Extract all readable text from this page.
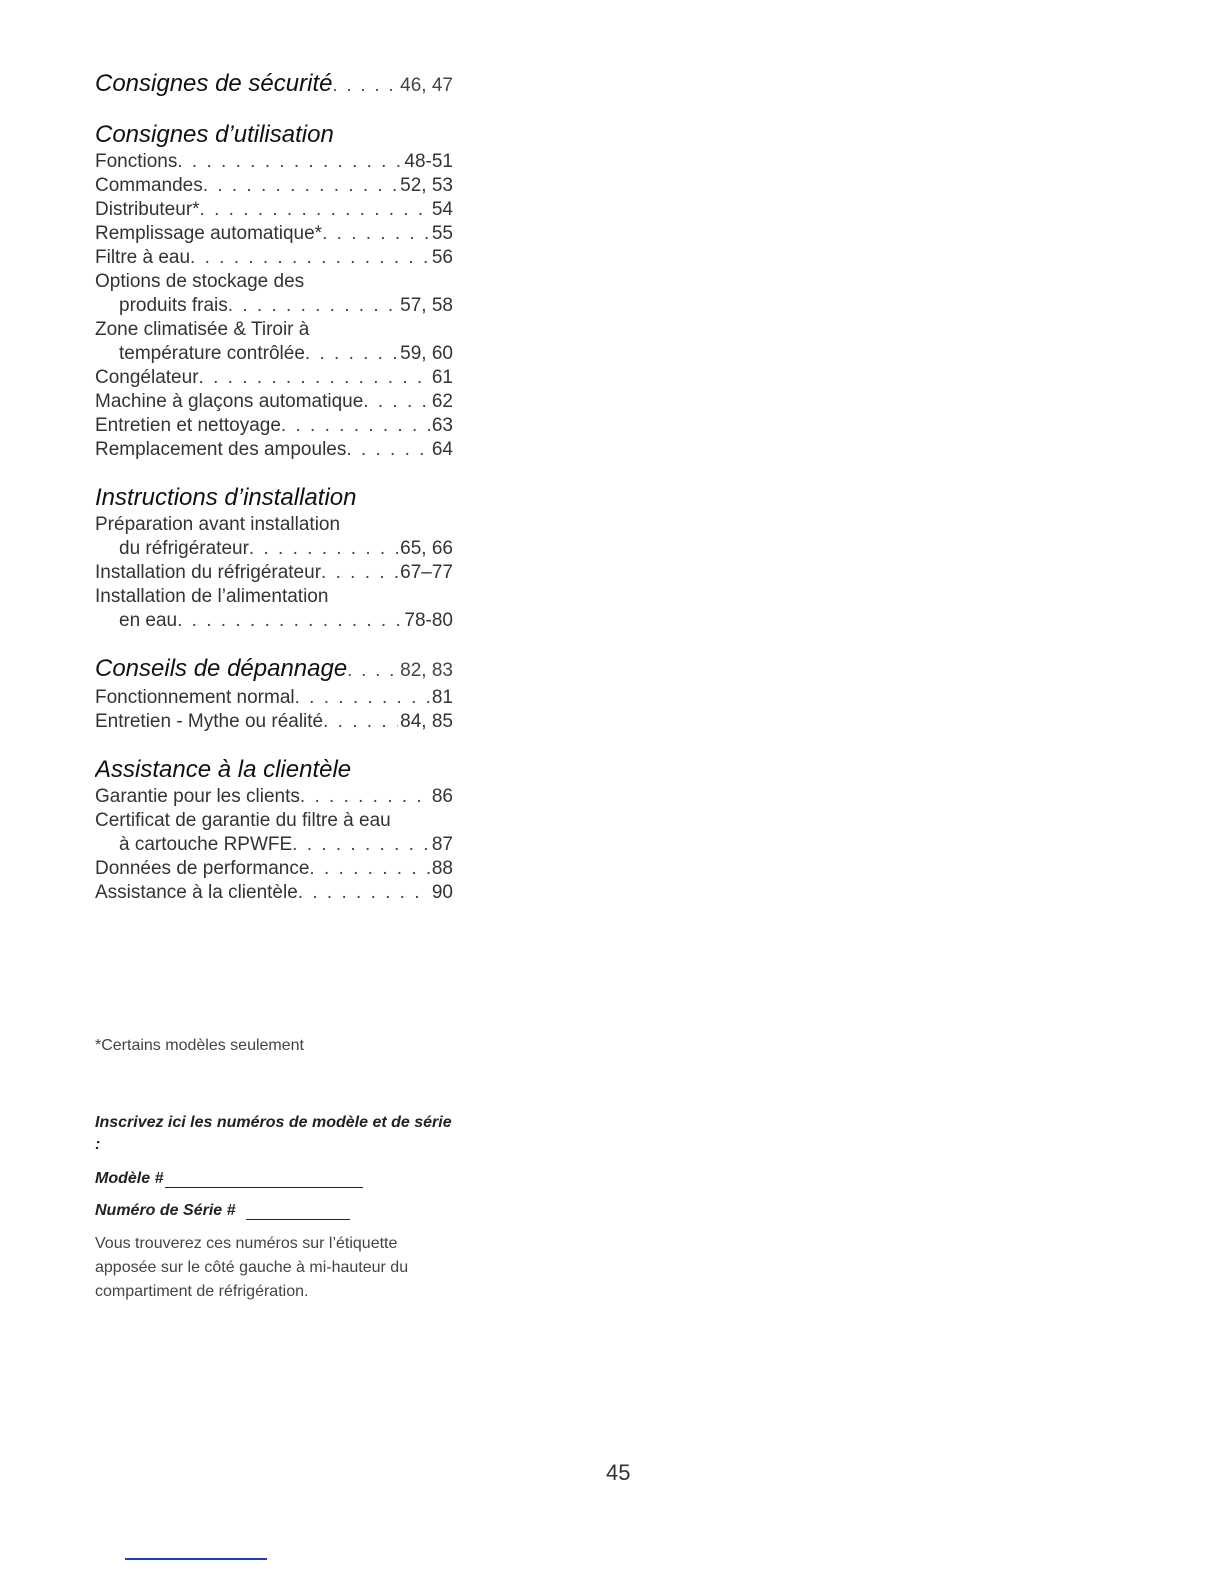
Consignes de sécurité . . .	46, 47
Consignes d’utilisation
Fonctions . . .	48-51
Commandes . . .	52, 53
Distributeur* . . .	54
Remplissage automatique* . . .	55
Filtre à eau . . .	56
Options de stockage des
produits frais . . .	57, 58
Zone climatisée & Tiroir à
température contrôlée . . .	59, 60
Congélateur . . .	61
Machine à glaçons automatique . . .	62
Entretien et nettoyage . . .	63
Remplacement des ampoules . . .	64
Instructions d’installation
Préparation avant installation
du réfrigérateur . . .	65, 66
Installation du réfrigérateur . . .	67–77
Installation de l’alimentation
en eau . . .	78-80
Conseils de dépannage . . .	82, 83
Fonctionnement normal . . .	81
Entretien - Mythe ou réalité . . .	84, 85
Assistance à la clientèle
Garantie pour les clients . . .	86
Certificat de garantie du filtre à eau
à cartouche RPWFE . . .	87
Données de performance . . .	88
Assistance à la clientèle . . .	90
*Certains modèles seulement
Inscrivez ici les numéros de modèle et de série :
Modèle #
Numéro de Série #
Vous trouverez ces numéros sur l’étiquette apposée sur le côté gauche à mi-hauteur du compartiment de réfrigération.
45
